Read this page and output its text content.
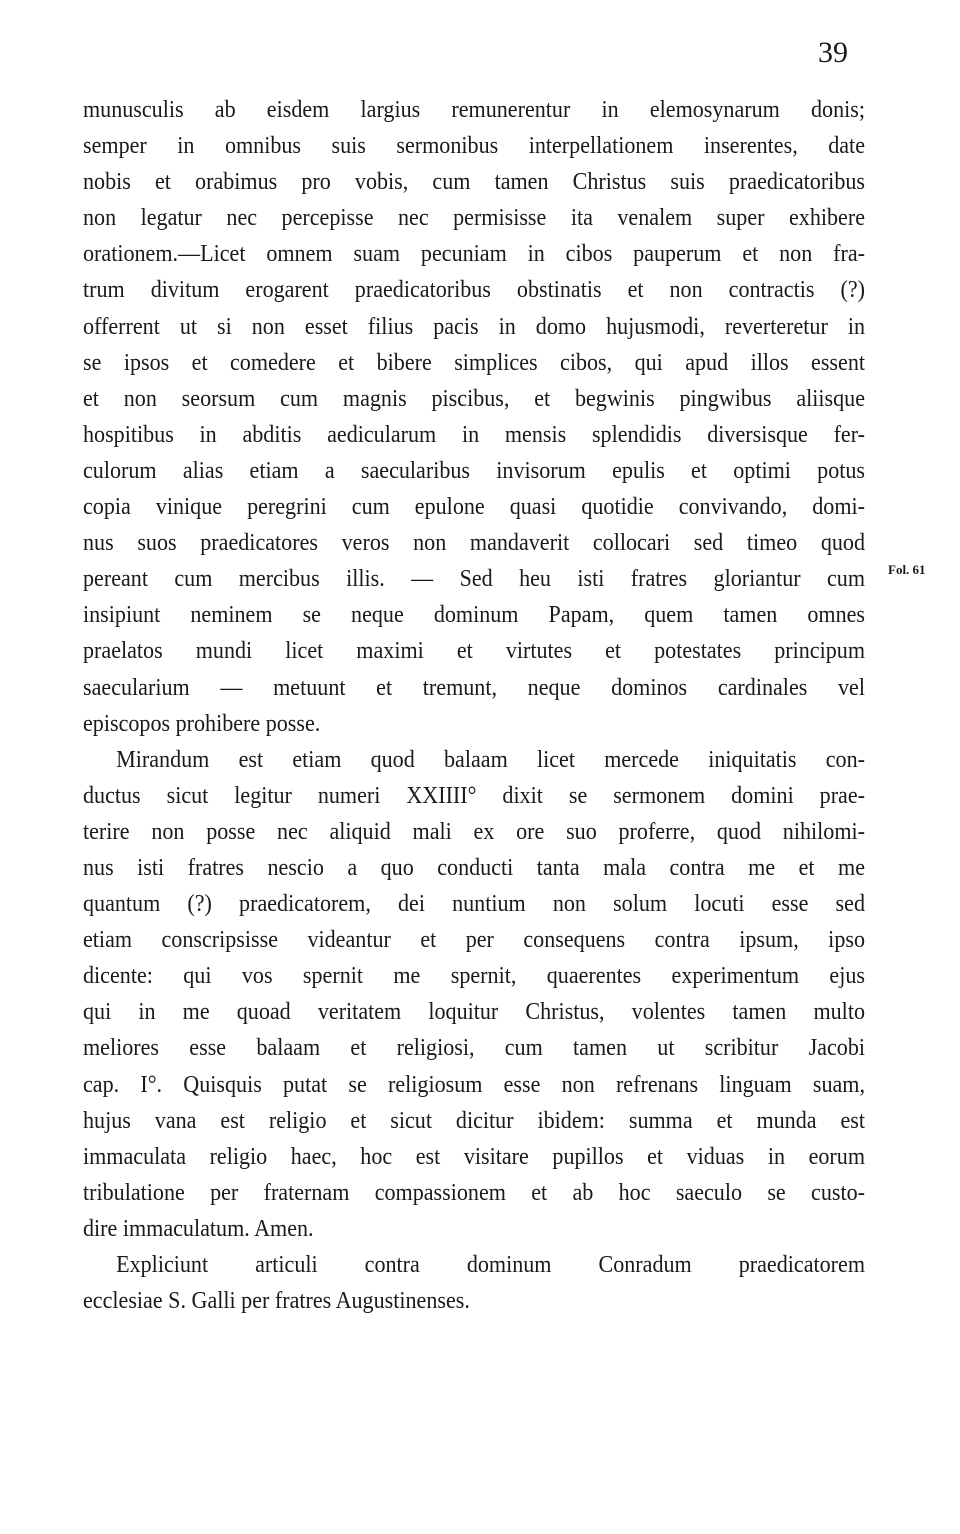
39
Fol. 61
munusculis ab eisdem largius remunerentur in elemosynarum donis;
semper in omnibus suis sermonibus interpellationem inserentes, date
nobis et orabimus pro vobis, cum tamen Christus suis praedicatoribus
non legatur nec percepisse nec permisisse ita venalem super exhibere
orationem.—Licet omnem suam pecuniam in cibos pauperum et non fra-
trum divitum erogarent praedicatoribus obstinatis et non contractis (?)
offerrent ut si non esset filius pacis in domo hujusmodi, reverteretur in
se ipsos et comedere et bibere simplices cibos, qui apud illos essent
et non seorsum cum magnis piscibus, et begwinis pingwibus aliisque
hospitibus in abditis aedicularum in mensis splendidis diversisque fer-
culorum alias etiam a saecularibus invisorum epulis et optimi potus
copia vinique peregrini cum epulone quasi quotidie convivando, domi-
nus suos praedicatores veros non mandaverit collocari sed timeo quod
pereant cum mercibus illis. — Sed heu isti fratres gloriantur cum
insipiunt neminem se neque dominum Papam, quem tamen omnes
praelatos mundi licet maximi et virtutes et potestates principum
saecularium — metuunt et tremunt, neque dominos cardinales vel
episcopos prohibere posse.
Mirandum est etiam quod balaam licet mercede iniquitatis con-
ductus sicut legitur numeri XXIIII° dixit se sermonem domini prae-
terire non posse nec aliquid mali ex ore suo proferre, quod nihilomi-
nus isti fratres nescio a quo conducti tanta mala contra me et me
quantum (?) praedicatorem, dei nuntium non solum locuti esse sed
etiam conscripsisse videantur et per consequens contra ipsum, ipso
dicente: qui vos spernit me spernit, quaerentes experimentum ejus
qui in me quoad veritatem loquitur Christus, volentes tamen multo
meliores esse balaam et religiosi, cum tamen ut scribitur Jacobi
cap. I°. Quisquis putat se religiosum esse non refrenans linguam suam,
hujus vana est religio et sicut dicitur ibidem: summa et munda est
immaculata religio haec, hoc est visitare pupillos et viduas in eorum
tribulatione per fraternam compassionem et ab hoc saeculo se custo-
dire immaculatum. Amen.
Expliciunt articuli contra dominum Conradum praedicatorem
ecclesiae S. Galli per fratres Augustinenses.
